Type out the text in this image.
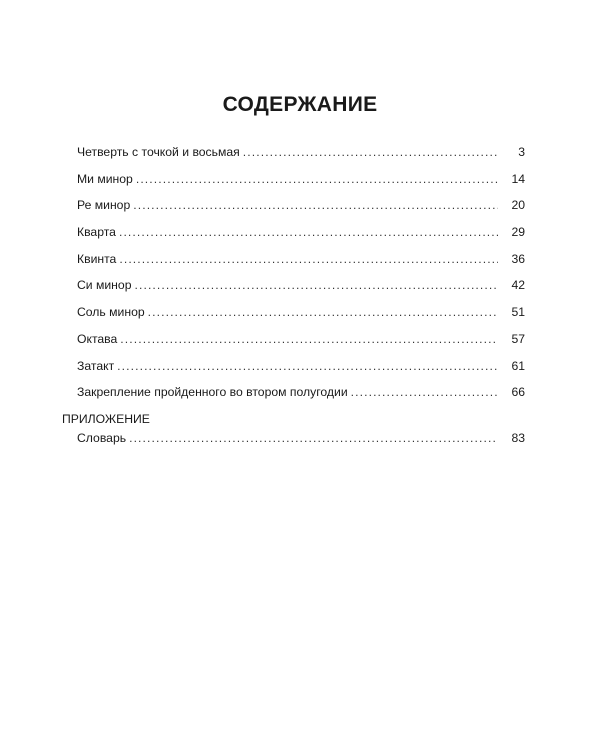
СОДЕРЖАНИЕ
Четверть с точкой и восьмая .....	3
Ми минор .....	14
Ре минор .....	20
Кварта .....	29
Квинта .....	36
Си минор .....	42
Соль минор .....	51
Октава .....	57
Затакт .....	61
Закрепление пройденного во втором полугодии .....	66
ПРИЛОЖЕНИЕ
Словарь .....	83
